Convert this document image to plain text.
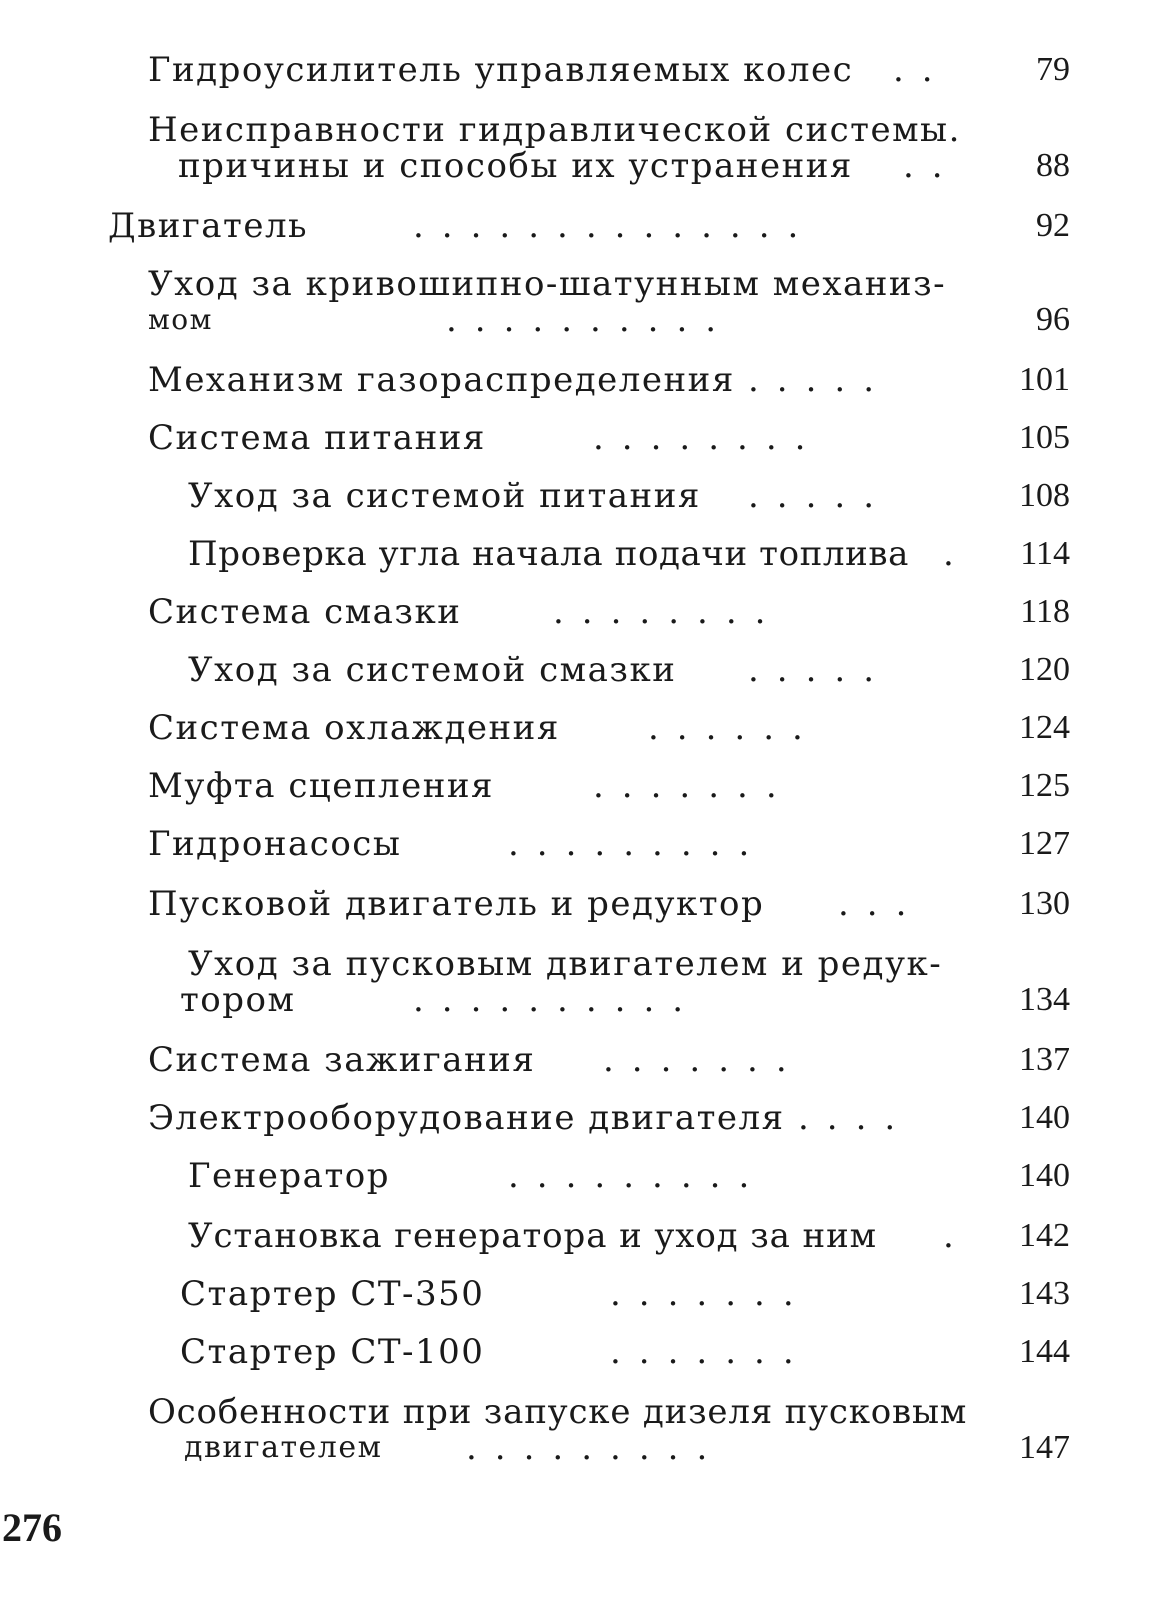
Гидроусилитель управляемых колес ..	79
Неисправности гидравлической системы.
причины и способы их устранения	..	88
Двигатель	..............	92
Уход за кривошипно-шатунным механиз-
мом	..........	96
Механизм газораспределения .....	101
Система питания	........	105
Уход за системой питания .....	108
Проверка угла начала подачи топлива .	114
Система смазки	........	118
Уход за системой смазки .....	120
Система охлаждения	......	124
Муфта сцепления	.......	125
Гидронасосы	.........	127
Пусковой двигатель и редуктор ...	130
Уход за пусковым двигателем и редук-
тором	..........	134
Система зажигания .......	137
Электрооборудование двигателя ....	140
Генератор	.........	140
Установка генератора и уход за ним .	142
Стартер СТ-350	.......	143
Стартер СТ-100	.......	144
Особенности при запуске дизеля пусковым
двигателем	.........	147
276
